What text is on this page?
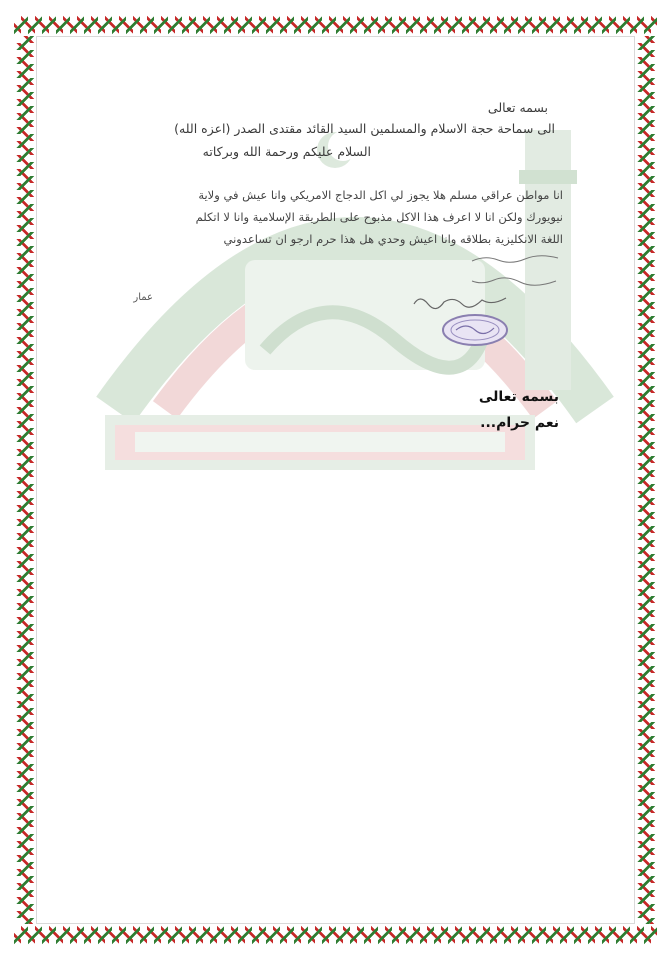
بسمه تعالى
الى سماحة حجة الاسلام والمسلمين السيد القائد مقتدى الصدر (اعزه الله)
السلام عليكم ورحمة الله وبركاته
انا مواطن عراقي مسلم هلا يجوز لي اكل الدجاج الامريكي وانا عيش في ولاية
نيويورك ولكن انا لا اعرف هذا الاكل مذبوح على الطريقة الإسلامية وانا لا اتكلم
اللغة الانكليزية بطلاقه وانا اعيش وحدي هل هذا حرم ارجو ان تساعدوني
عمار
بسمه تعالى
نعم حرام...
